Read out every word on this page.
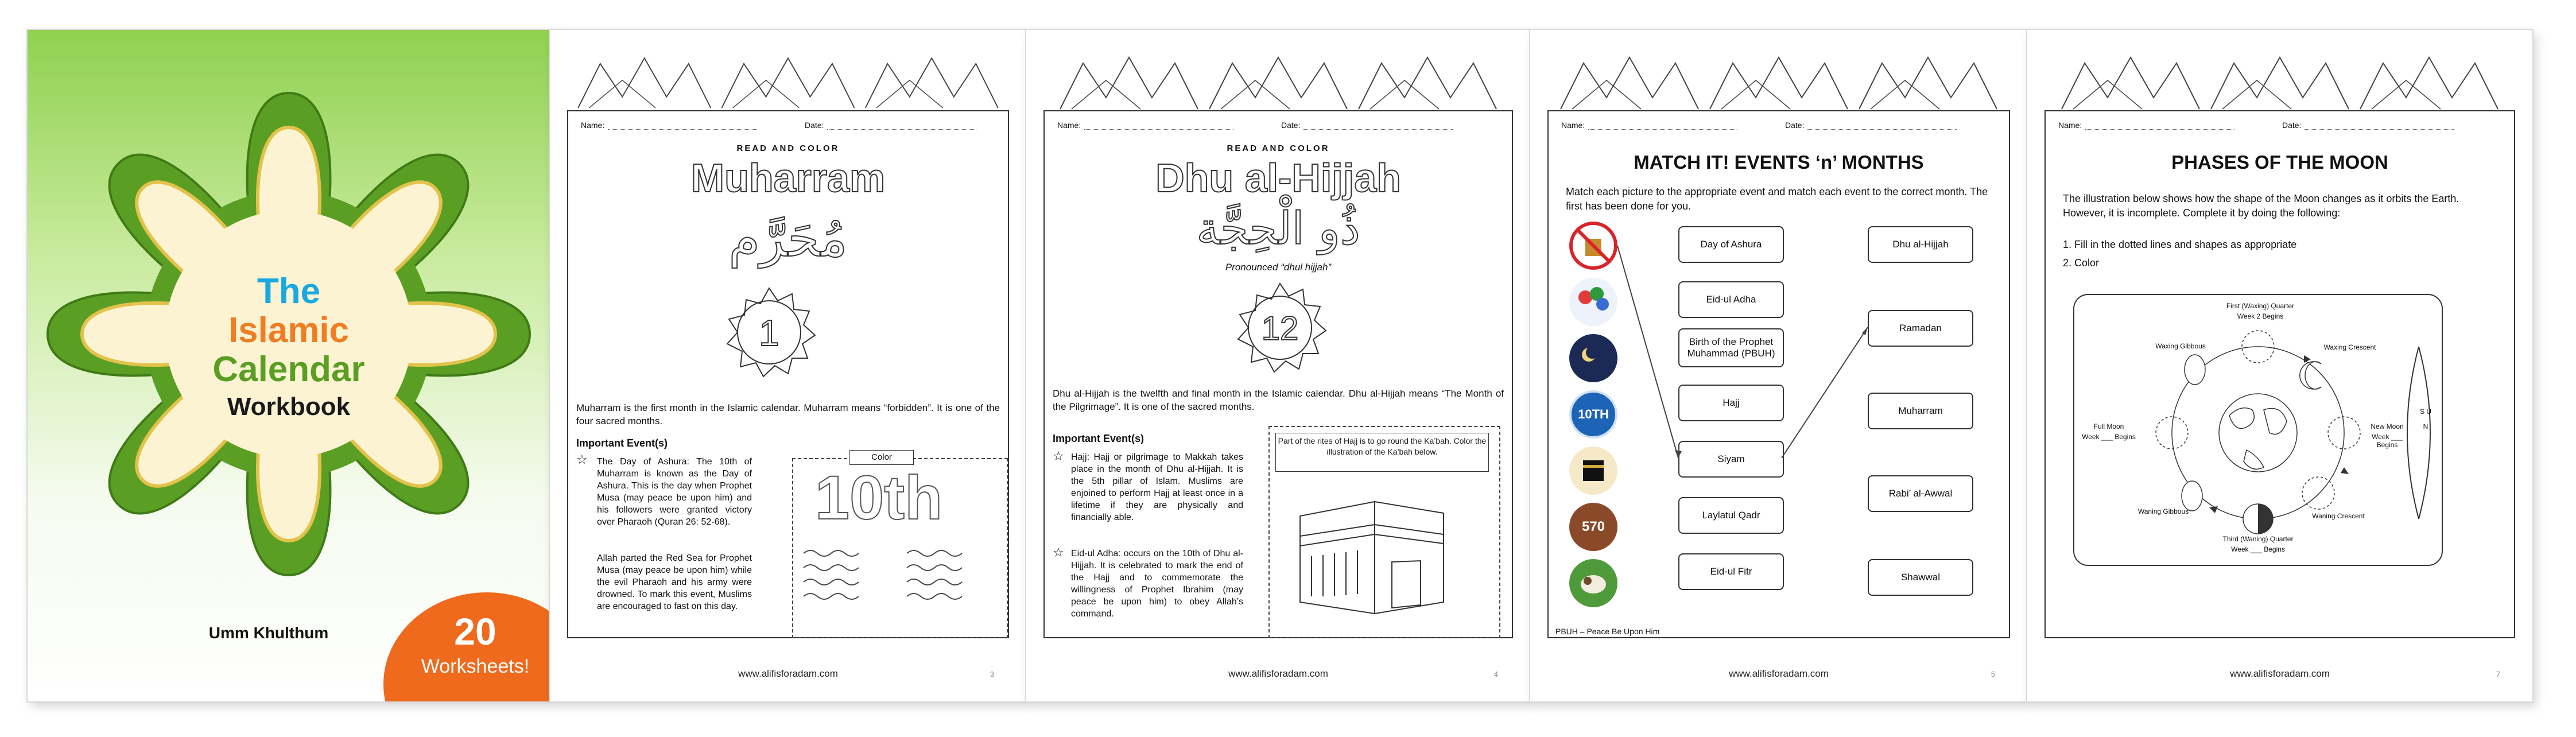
The
Islamic
Calendar
Workbook
Umm Khulthum	20
Worksheets!
Name:	Date:
READ AND COLOR
Muharram
مُحَرَّم
1
Muharram is the first month in the Islamic calendar. Muharram means “forbidden”. It is one of the four sacred months.
Important Event(s)
☆ The Day of Ashura: The 10th of Muharram is known as the Day of Ashura. This is the day when Prophet Musa (may peace be upon him) and his followers were granted victory over Pharaoh (Quran 26: 52-68).
Allah parted the Red Sea for Prophet Musa (may peace be upon him) while the evil Pharaoh and his army were drowned. To mark this event, Muslims are encouraged to fast on this day.
Color
10th
www.alifisforadam.com	3
Name:	Date:
READ AND COLOR
Dhu al-Hijjah
ذُو الْحِجَّة
Pronounced “dhul hijjah”
12
Dhu al-Hijjah is the twelfth and final month in the Islamic calendar. Dhu al-Hijjah means “The Month of the Pilgrimage”. It is one of the sacred months.
Important Event(s)
☆ Hajj: Hajj or pilgrimage to Makkah takes place in the month of Dhu al-Hijjah. It is the 5th pillar of Islam. Muslims are enjoined to perform Hajj at least once in a lifetime if they are physically and financially able.
☆ Eid-ul Adha: occurs on the 10th of Dhu al-Hijjah. It is celebrated to mark the end of the Hajj and to commemorate the willingness of Prophet Ibrahim (may peace be upon him) to obey Allah’s command.
Part of the rites of Hajj is to go round the Ka’bah. Color the illustration of the Ka’bah below.
www.alifisforadam.com	4
Name:	Date:
MATCH IT! EVENTS ‘n’ MONTHS
Match each picture to the appropriate event and match each event to the correct month. The first has been done for you.
10TH
570
Day of Ashura
Eid-ul Adha
Birth of the Prophet Muhammad (PBUH)
Hajj
Siyam
Laylatul Qadr
Eid-ul Fitr
Dhu al-Hijjah
Ramadan
Muharram
Rabi’ al-Awwal
Shawwal
PBUH – Peace Be Upon Him
www.alifisforadam.com	5
Name:	Date:
PHASES OF THE MOON
The illustration below shows how the shape of the Moon changes as it orbits the Earth. However, it is incomplete. Complete it by doing the following:
1. Fill in the dotted lines and shapes as appropriate
2. Color
First (Waxing) Quarter
Week 2 Begins
Waxing Crescent
Waxing Gibbous
Full Moon
Week ___ Begins
New Moon
Week ___ Begins
Waning Gibbous
Waning Crescent
Third (Waning) Quarter
Week ___ Begins
S U N
www.alifisforadam.com	7
